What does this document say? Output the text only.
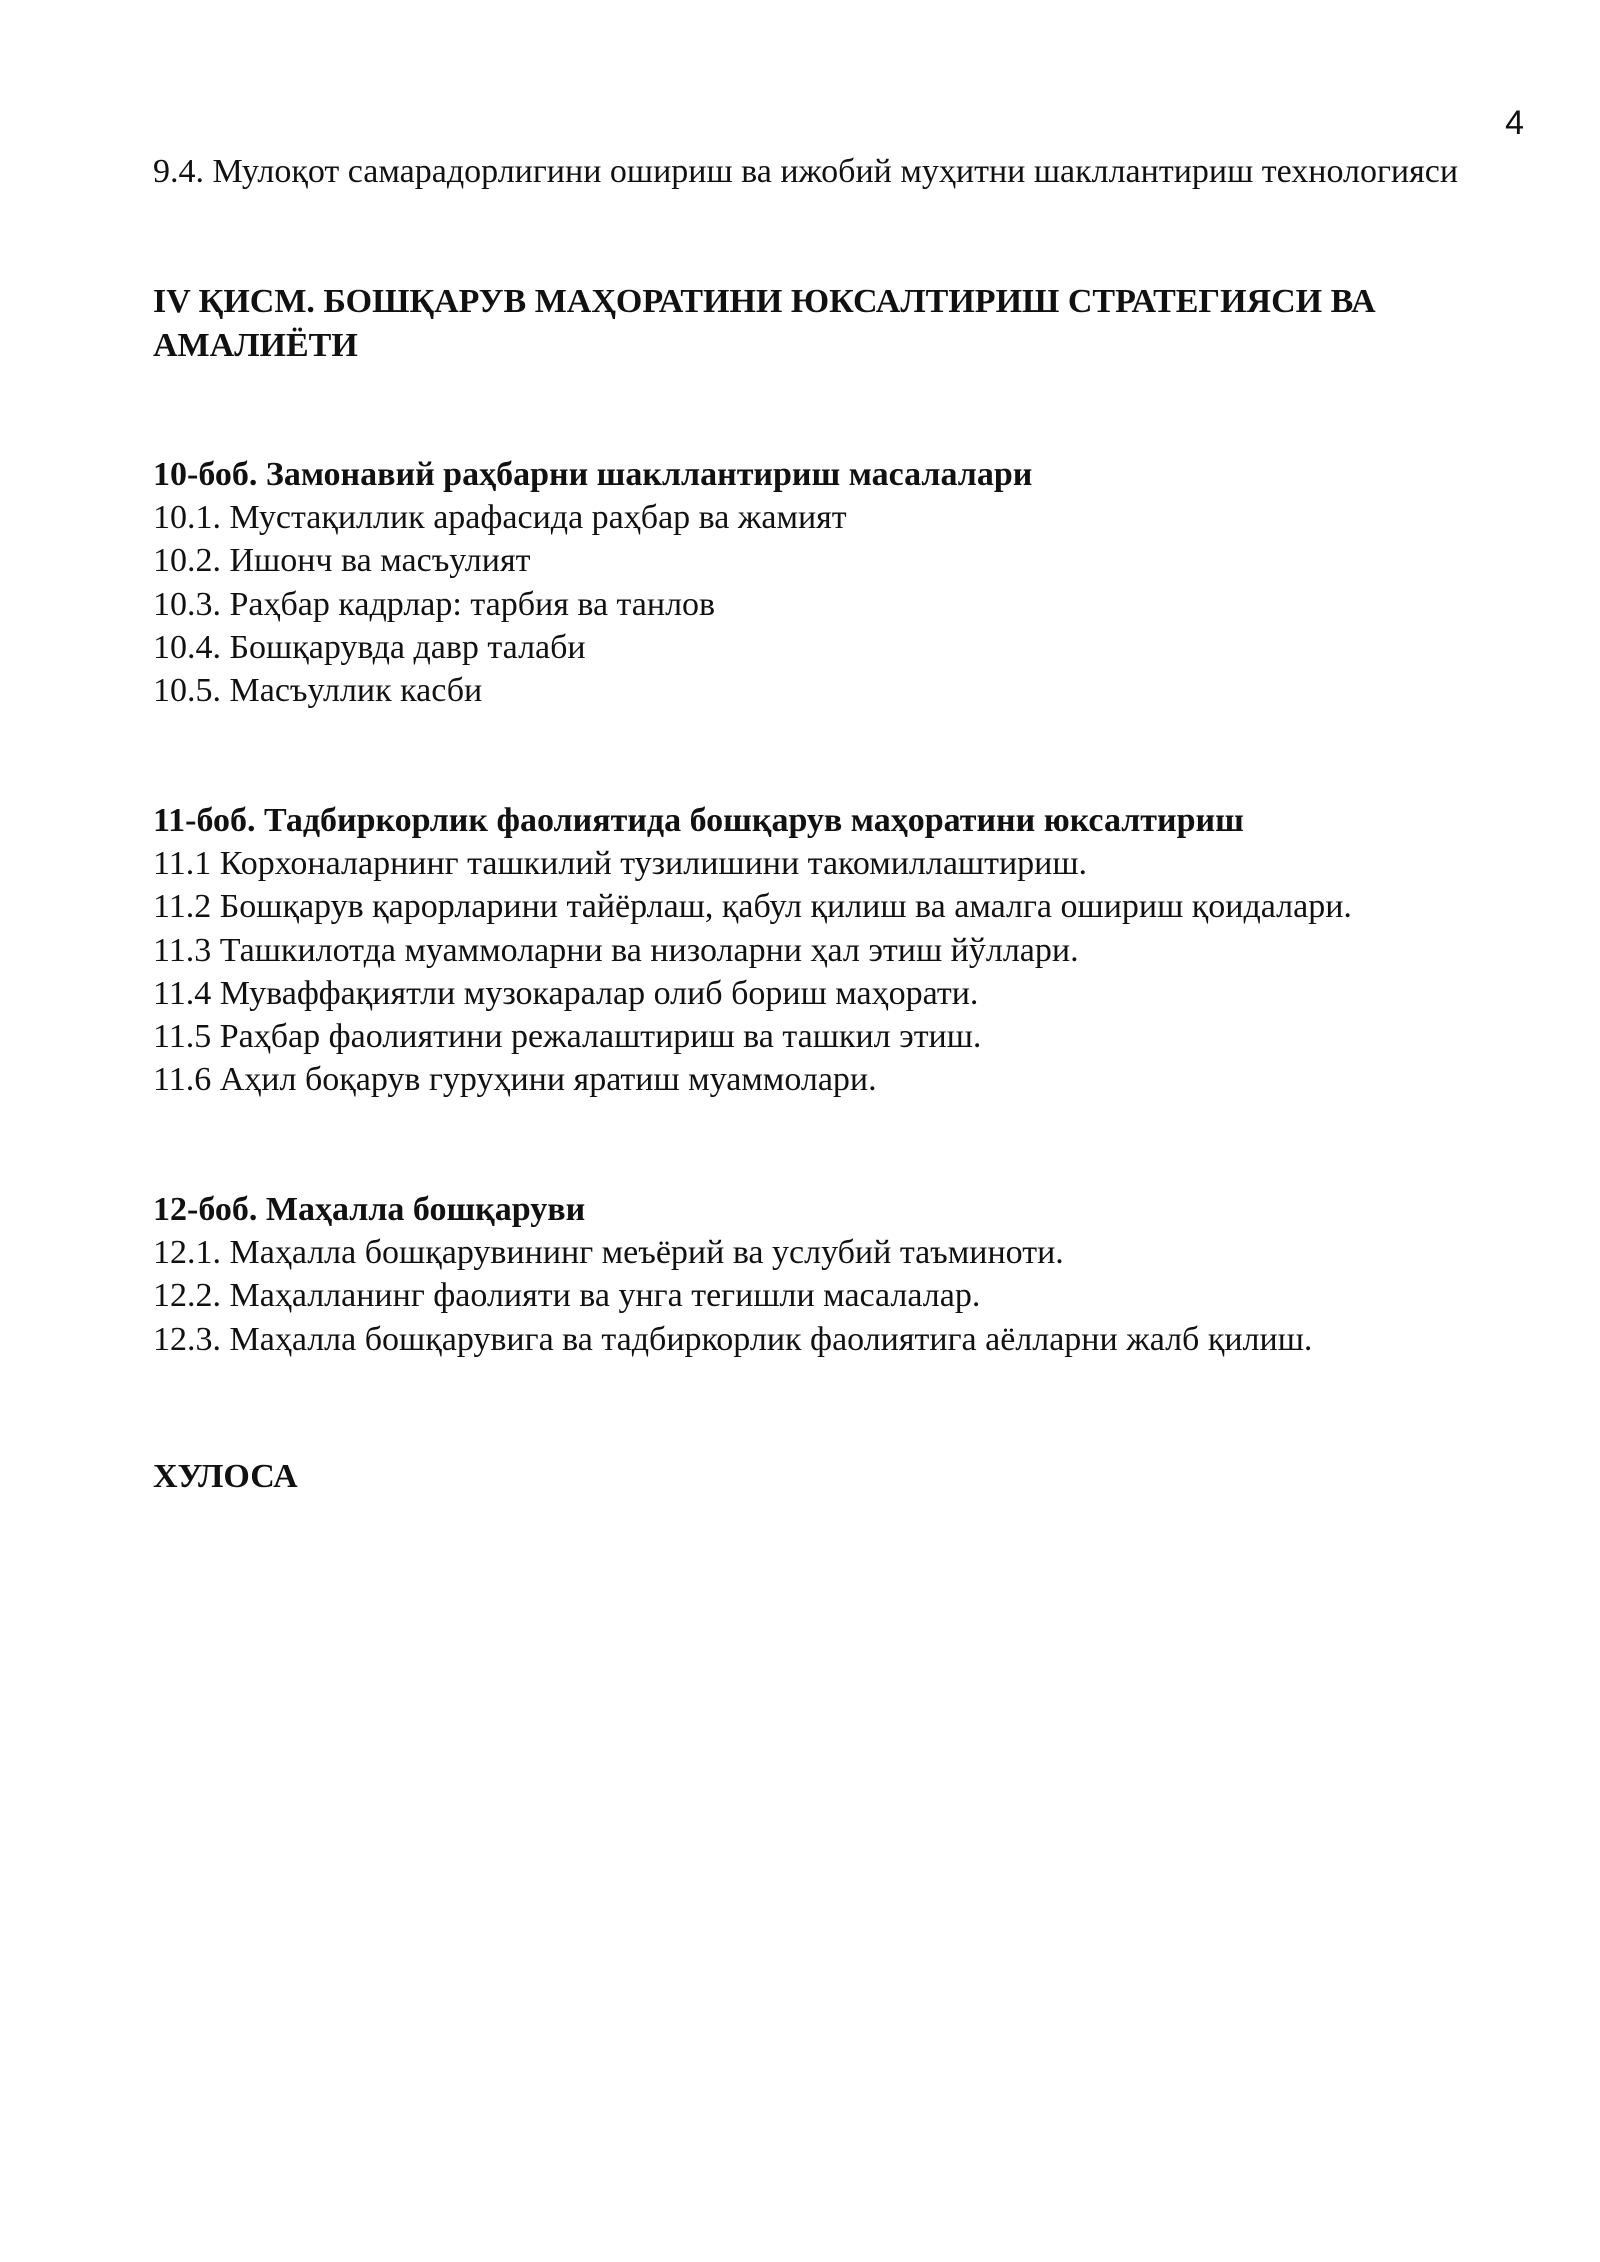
4

9.4. Мулоқот самарадорлигини ошириш ва ижобий муҳитни шакллантириш технологияси

IV ҚИСМ. БОШҚАРУВ МАҲОРАТИНИ ЮКСАЛТИРИШ СТРАТЕГИЯСИ ВА АМАЛИЁТИ

10-боб. Замонавий раҳбарни шакллантириш масалалари

10.1. Мустақиллик арафасида раҳбар ва жамият

10.2. Ишонч ва масъулият

10.3. Раҳбар кадрлар: тарбия ва танлов

10.4. Бошқарувда давр талаби

10.5. Масъуллик касби

11-боб. Тадбиркорлик фаолиятида бошқарув маҳоратини юксалтириш

11.1 Корхоналарнинг ташкилий тузилишини такомиллаштириш.

11.2 Бошқарув қарорларини тайёрлаш, қабул қилиш ва амалга ошириш қоидалари.

11.3 Ташкилотда муаммоларни ва низоларни ҳал этиш йўллари.

11.4 Муваффақиятли музокаралар олиб бориш маҳорати.

11.5 Раҳбар фаолиятини режалаштириш ва ташкил этиш.

11.6 Аҳил боқарув гуруҳини яратиш муаммолари.

12-боб. Маҳалла бошқаруви

12.1. Маҳалла бошқарувининг меъёрий ва услубий таъминоти.

12.2. Маҳалланинг фаолияти ва унга тегишли масалалар.

12.3. Маҳалла бошқарувига ва тадбиркорлик фаолиятига аёлларни жалб қилиш.

ХУЛОСА
